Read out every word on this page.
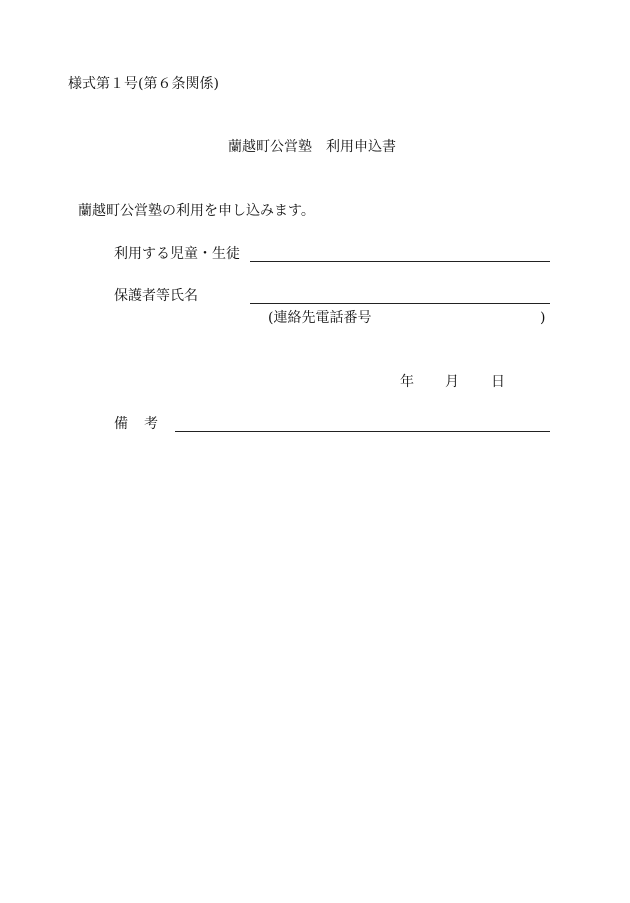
様式第１号(第６条関係)
蘭越町公営塾　利用申込書
蘭越町公営塾の利用を申し込みます。
利用する児童・生徒
保護者等氏名
(連絡先電話番号	)
年 月 日
備 考
